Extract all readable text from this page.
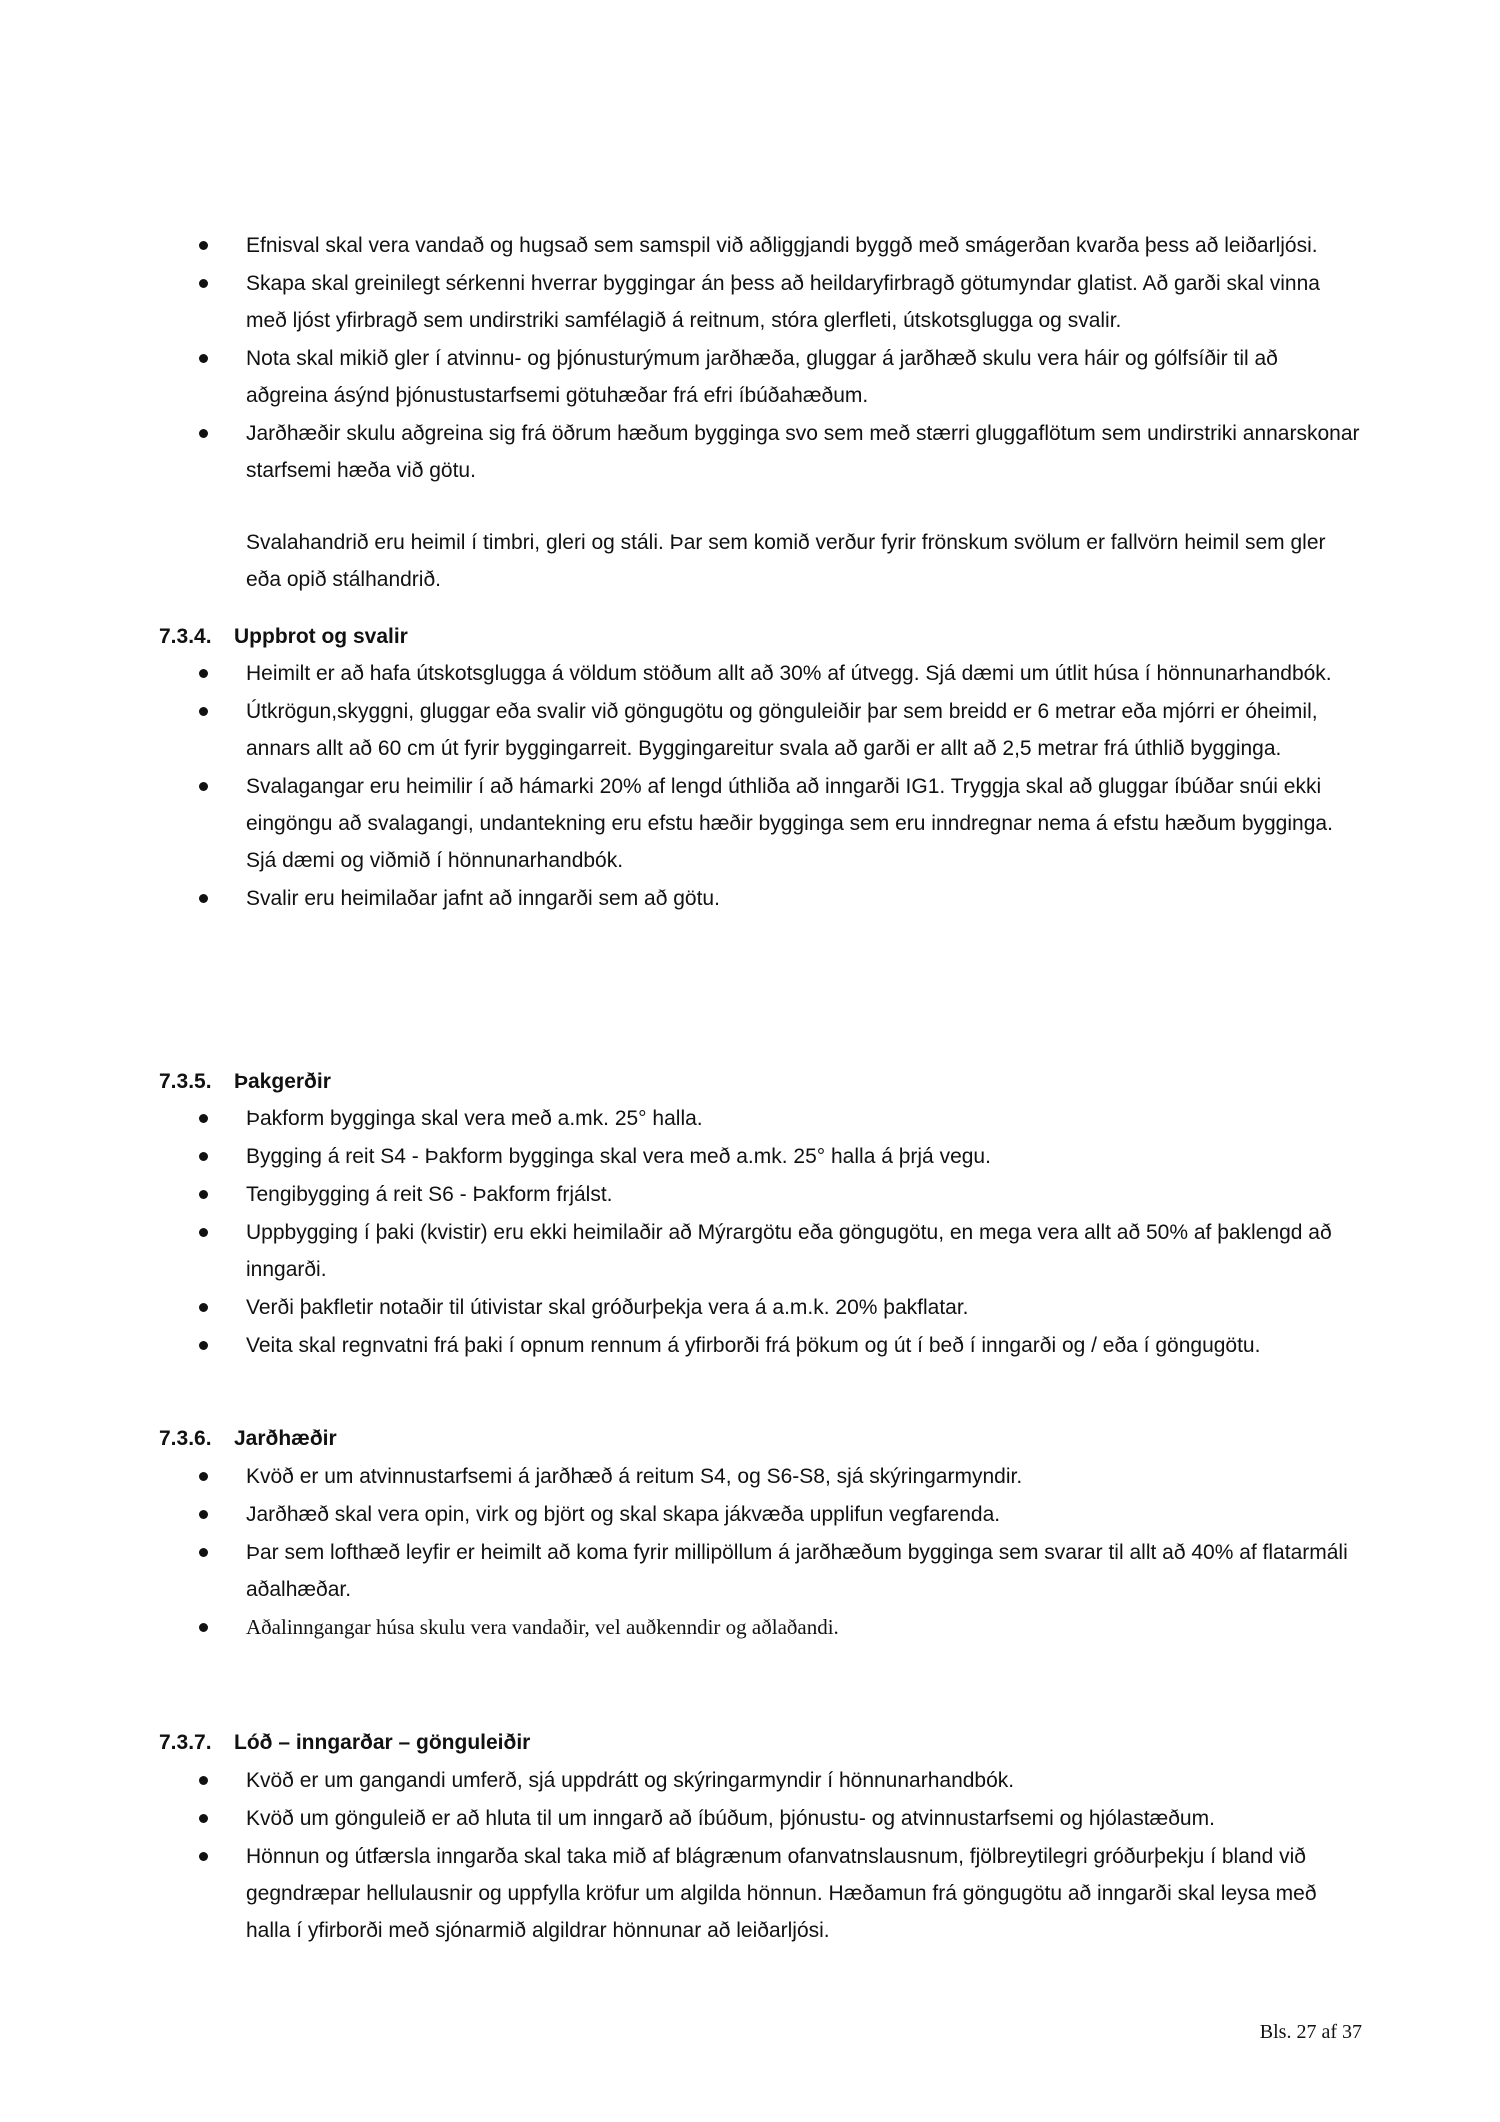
Efnisval skal vera vandað og hugsað sem samspil við aðliggjandi byggð með smágerðan kvarða þess að leiðarljósi.
Skapa skal greinilegt sérkenni hverrar byggingar án þess að heildaryfirbragð götumyndar glatist. Að garði skal vinna með ljóst yfirbragð sem undirstriki samfélagið á reitnum, stóra glerfleti, útskotsglugga og svalir.
Nota skal mikið gler í atvinnu- og þjónusturýmum jarðhæða, gluggar á jarðhæð skulu vera háir og gólfsíðir til að aðgreina ásýnd þjónustustarfsemi götuhæðar frá efri íbúðahæðum.
Jarðhæðir skulu aðgreina sig frá öðrum hæðum bygginga svo sem með stærri gluggaflötum sem undirstriki annarskonar starfsemi hæða við götu.
Svalahandrið eru heimil í timbri, gleri og stáli. Þar sem komið verður fyrir frönskum svölum er fallvörn heimil sem gler eða opið stálhandrið.
7.3.4. Uppbrot og svalir
Heimilt er að hafa útskotsglugga á völdum stöðum allt að 30% af útvegg. Sjá dæmi um útlit húsa í hönnunarhandbók.
Útkrögun,skyggni, gluggar eða svalir við göngugötu og gönguleiðir þar sem breidd er 6 metrar eða mjórri er óheimil, annars allt að 60 cm út fyrir byggingarreit. Byggingareitur svala að garði er allt að 2,5 metrar frá úthlið bygginga.
Svalagangar eru heimilir í að hámarki 20% af lengd úthliða að inngarði IG1. Tryggja skal að gluggar íbúðar snúi ekki eingöngu að svalagangi, undantekning eru efstu hæðir bygginga sem eru inndregnar nema á efstu hæðum bygginga. Sjá dæmi og viðmið í hönnunarhandbók.
Svalir eru heimilaðar jafnt að inngarði sem að götu.
7.3.5. Þakgerðir
Þakform bygginga skal vera með a.mk. 25° halla.
Bygging á reit S4 - Þakform bygginga skal vera með a.mk. 25° halla á þrjá vegu.
Tengibygging á reit S6 - Þakform frjálst.
Uppbygging í þaki (kvistir) eru ekki heimilaðir að Mýrargötu eða göngugötu, en mega vera allt að 50% af þaklengd að inngarði.
Verði þakfletir notaðir til útivistar skal gróðurþekja vera á a.m.k. 20% þakflatar.
Veita skal regnvatni frá þaki í opnum rennum á yfirborði frá þökum og út í beð í inngarði og / eða í göngugötu.
7.3.6. Jarðhæðir
Kvöð er um atvinnustarfsemi á jarðhæð á reitum S4, og S6-S8, sjá skýringarmyndir.
Jarðhæð skal vera opin, virk og björt og skal skapa jákvæða upplifun vegfarenda.
Þar sem lofthæð leyfir er heimilt að koma fyrir millipöllum á jarðhæðum bygginga sem svarar til allt að 40% af flatarmáli aðalhæðar.
Aðalinngangar húsa skulu vera vandaðir, vel auðkenndir og aðlaðandi.
7.3.7. Lóð – inngarðar – gönguleiðir
Kvöð er um gangandi umferð, sjá uppdrátt og skýringarmyndir í hönnunarhandbók.
Kvöð um gönguleið er að hluta til um inngarð að íbúðum, þjónustu- og atvinnustarfsemi og hjólastæðum.
Hönnun og útfærsla inngarða skal taka mið af blágrænum ofanvatnslausnum, fjölbreytilegri gróðurþekju í bland við gegndræpar hellulausnir og uppfylla kröfur um algilda hönnun. Hæðamun frá göngugötu að inngarði skal leysa með halla í yfirborði með sjónarmið algildrar hönnunar að leiðarljósi.
Bls. 27 af 37
